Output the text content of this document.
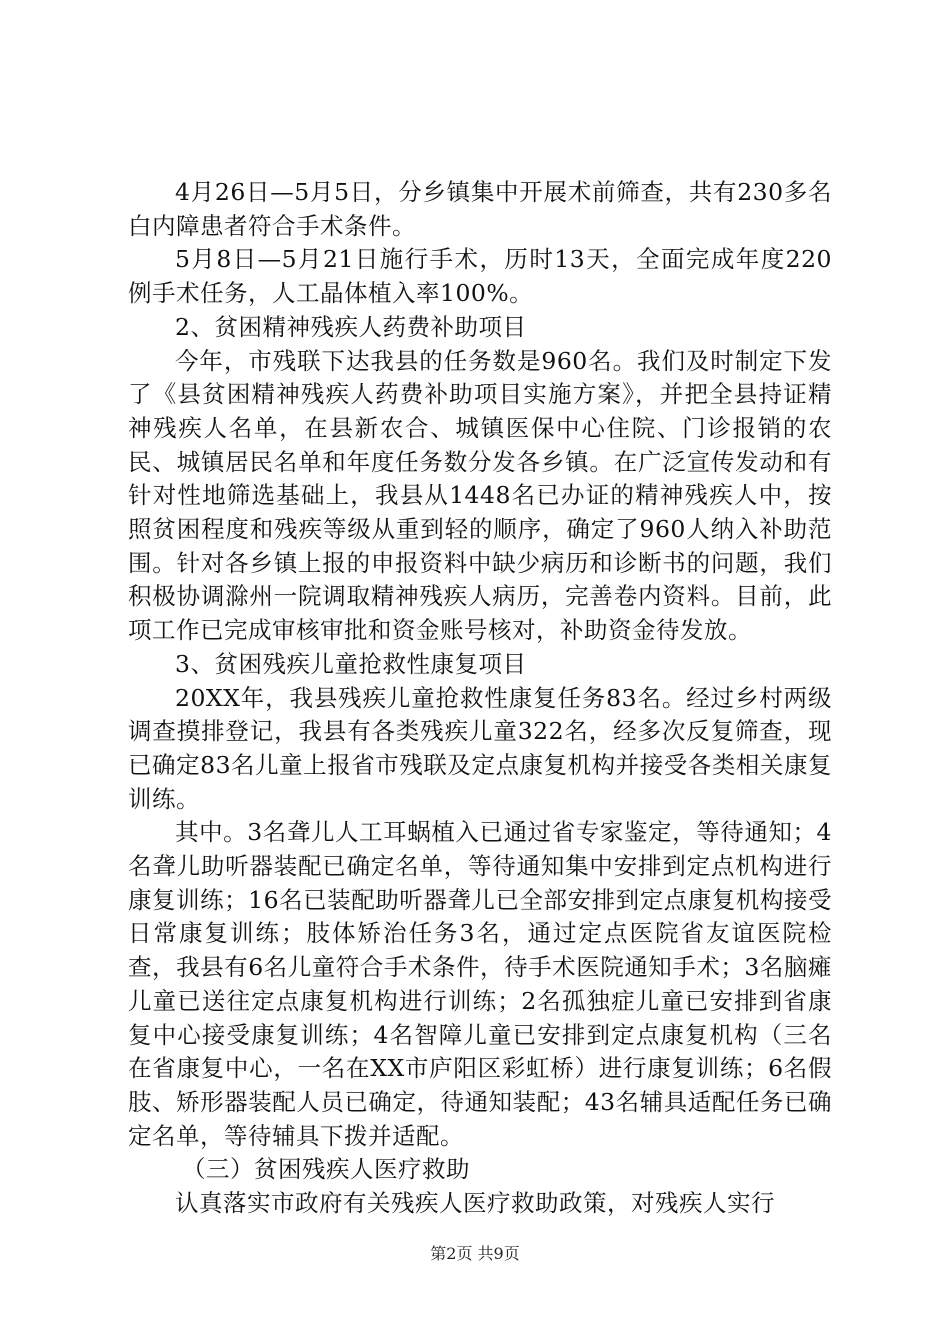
4月26日—5月5日，分乡镇集中开展术前筛查，共有230多名白内障患者符合手术条件。

5月8日—5月21日施行手术，历时13天，全面完成年度220例手术任务，人工晶体植入率100%。

2、贫困精神残疾人药费补助项目

今年，市残联下达我县的任务数是960名。我们及时制定下发了《县贫困精神残疾人药费补助项目实施方案》，并把全县持证精神残疾人名单，在县新农合、城镇医保中心住院、门诊报销的农民、城镇居民名单和年度任务数分发各乡镇。在广泛宣传发动和有针对性地筛选基础上，我县从1448名已办证的精神残疾人中，按照贫困程度和残疾等级从重到轻的顺序，确定了960人纳入补助范围。针对各乡镇上报的申报资料中缺少病历和诊断书的问题，我们积极协调滁州一院调取精神残疾人病历，完善卷内资料。目前，此项工作已完成审核审批和资金账号核对，补助资金待发放。

3、贫困残疾儿童抢救性康复项目

20XX年，我县残疾儿童抢救性康复任务83名。经过乡村两级调查摸排登记，我县有各类残疾儿童322名，经多次反复筛查，现已确定83名儿童上报省市残联及定点康复机构并接受各类相关康复训练。

其中。3名聋儿人工耳蜗植入已通过省专家鉴定，等待通知；4名聋儿助听器装配已确定名单，等待通知集中安排到定点机构进行康复训练；16名已装配助听器聋儿已全部安排到定点康复机构接受日常康复训练；肢体矫治任务3名，通过定点医院省友谊医院检查，我县有6名儿童符合手术条件，待手术医院通知手术；3名脑瘫儿童已送往定点康复机构进行训练；2名孤独症儿童已安排到省康复中心接受康复训练；4名智障儿童已安排到定点康复机构（三名在省康复中心，一名在XX市庐阳区彩虹桥）进行康复训练；6名假肢、矫形器装配人员已确定，待通知装配；43名辅具适配任务已确定名单，等待辅具下拨并适配。

（三）贫困残疾人医疗救助

认真落实市政府有关残疾人医疗救助政策，对残疾人实行

第2页 共9页
